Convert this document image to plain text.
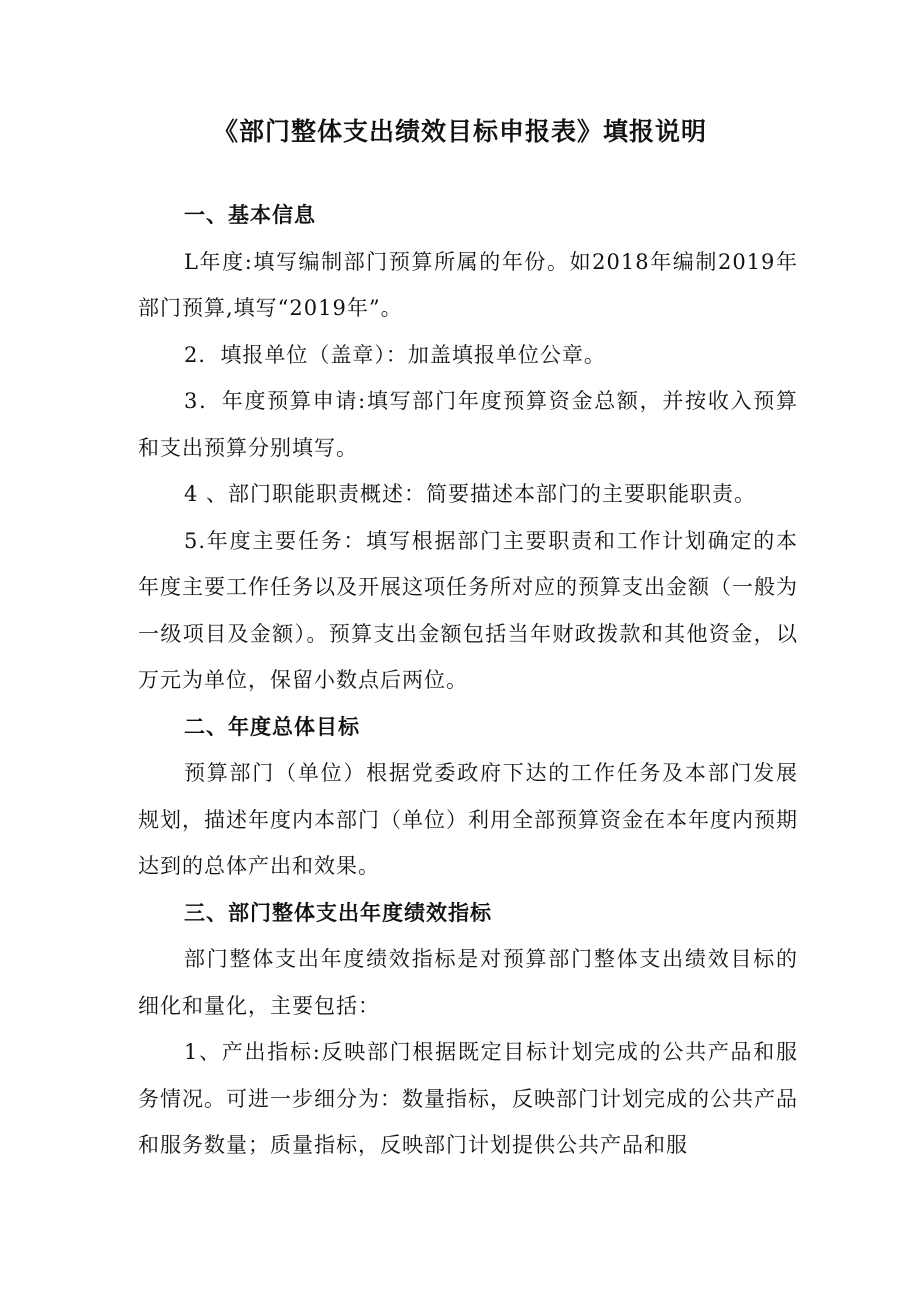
《部门整体支出绩效目标申报表》填报说明

一、基本信息

L年度:填写编制部门预算所属的年份。如2018年编制2019年部门预算,填写“2019年”。

2．填报单位（盖章）：加盖填报单位公章。

3．年度预算申请:填写部门年度预算资金总额，并按收入预算和支出预算分别填写。

4 、部门职能职责概述：简要描述本部门的主要职能职责。

5.年度主要任务：填写根据部门主要职责和工作计划确定的本年度主要工作任务以及开展这项任务所对应的预算支出金额（一般为一级项目及金额）。预算支出金额包括当年财政拨款和其他资金，以万元为单位，保留小数点后两位。

二、年度总体目标

预算部门（单位）根据党委政府下达的工作任务及本部门发展规划，描述年度内本部门（单位）利用全部预算资金在本年度内预期达到的总体产出和效果。

三、部门整体支出年度绩效指标

部门整体支出年度绩效指标是对预算部门整体支出绩效目标的细化和量化，主要包括：

1、产出指标:反映部门根据既定目标计划完成的公共产品和服务情况。可进一步细分为：数量指标，反映部门计划完成的公共产品和服务数量；质量指标，反映部门计划提供公共产品和服
